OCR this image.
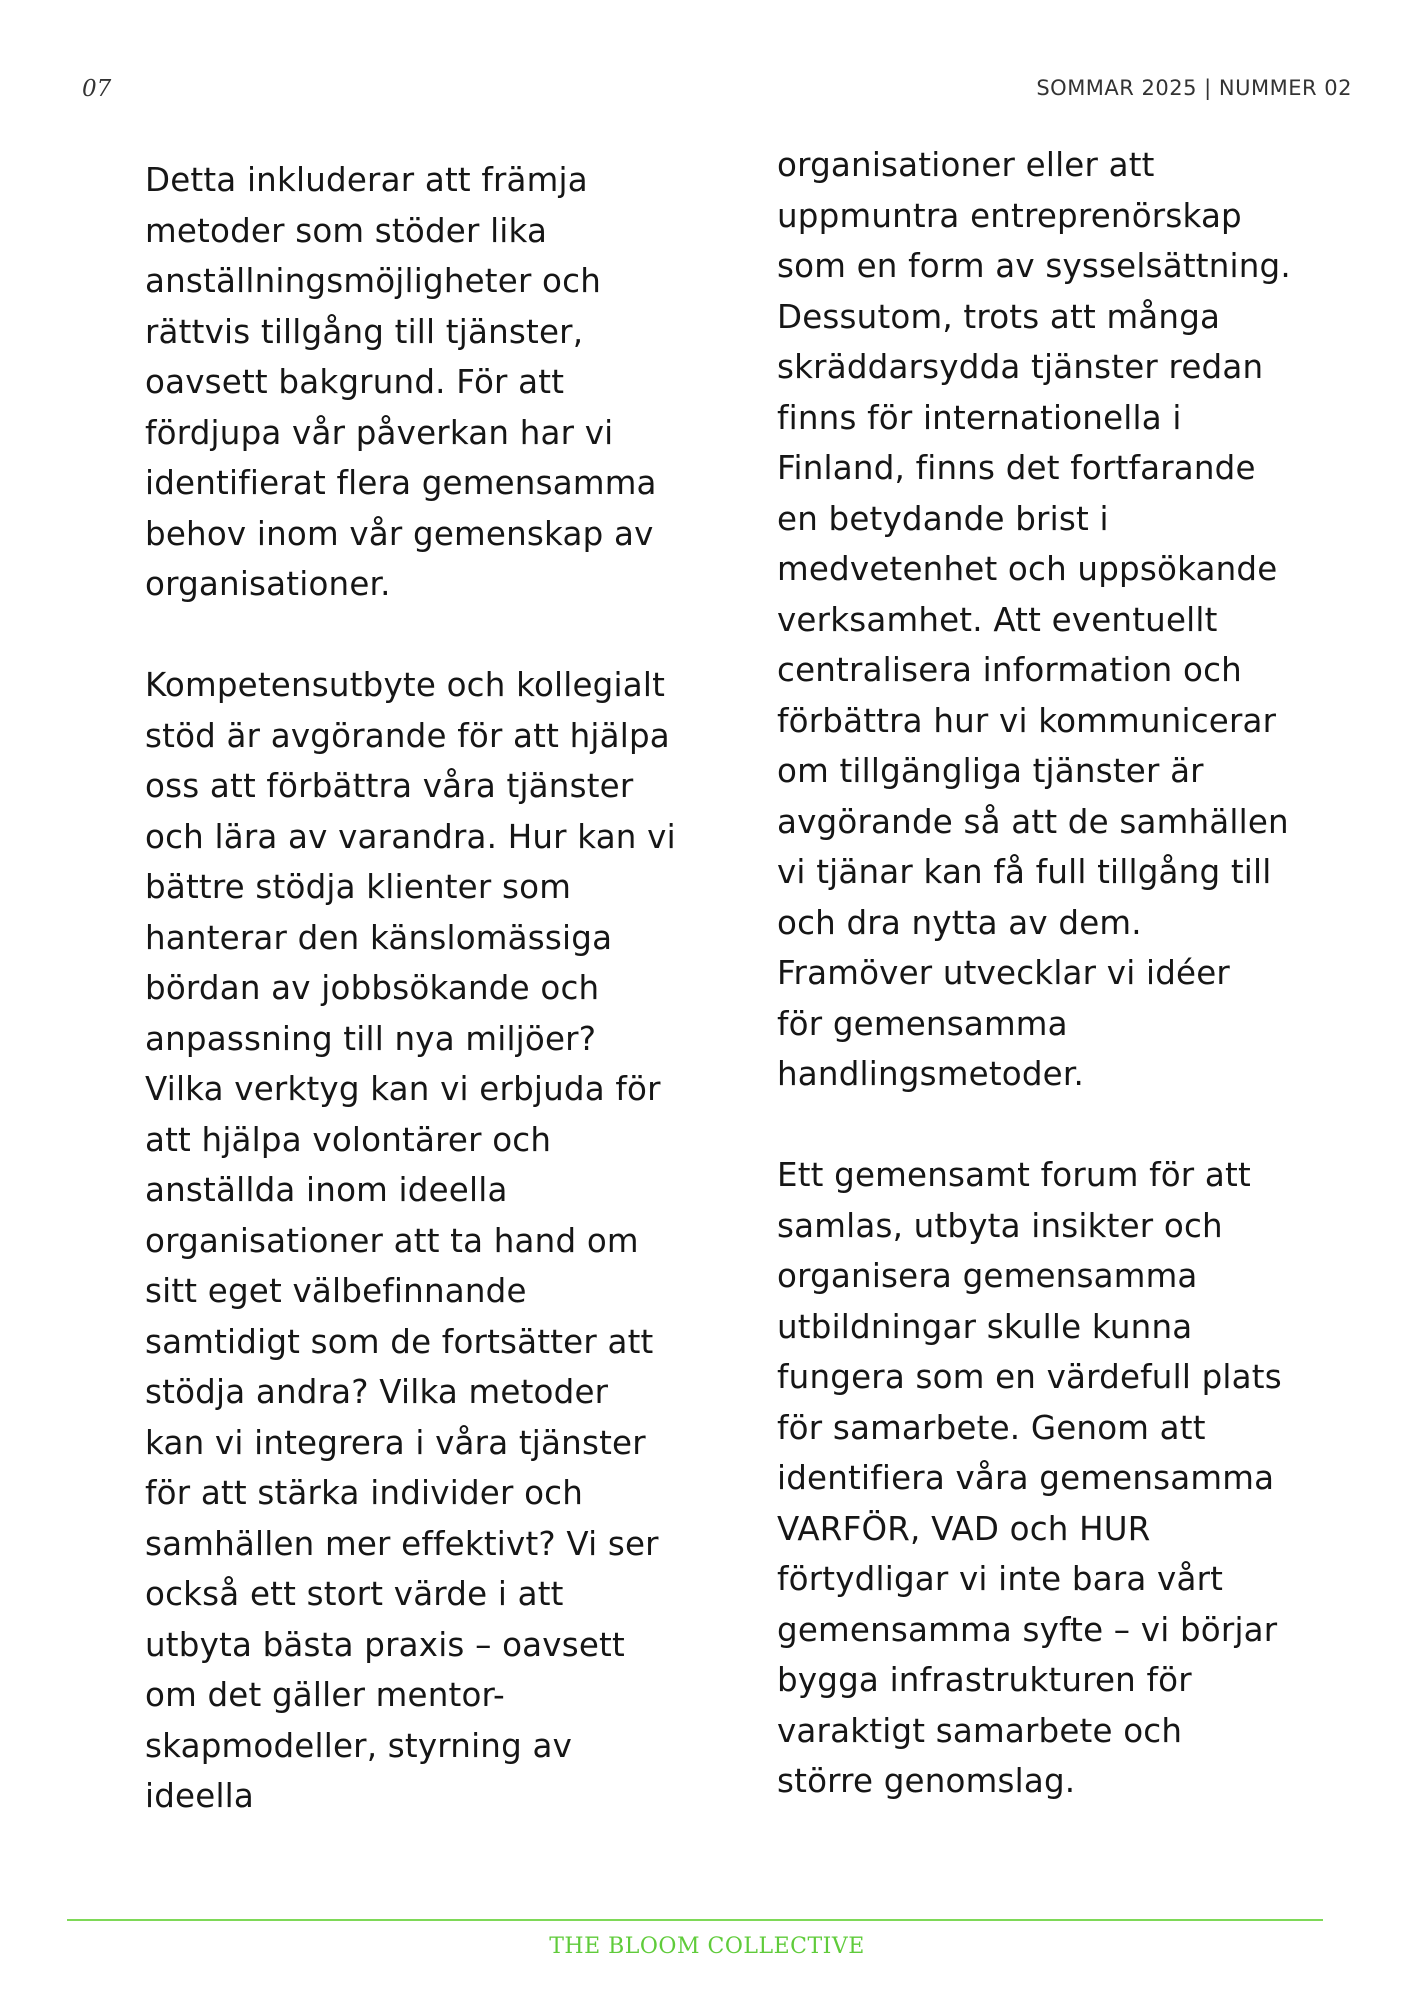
07	SOMMAR 2025 | NUMMER 02
Detta inkluderar att främja
metoder som stöder lika
anställningsmöjligheter och
rättvis tillgång till tjänster,
oavsett bakgrund. För att
fördjupa vår påverkan har vi
identifierat flera gemensamma
behov inom vår gemenskap av
organisationer.
Kompetensutbyte och kollegialt
stöd är avgörande för att hjälpa
oss att förbättra våra tjänster
och lära av varandra. Hur kan vi
bättre stödja klienter som
hanterar den känslomässiga
bördan av jobbsökande och
anpassning till nya miljöer?
Vilka verktyg kan vi erbjuda för
att hjälpa volontärer och
anställda inom ideella
organisationer att ta hand om
sitt eget välbefinnande
samtidigt som de fortsätter att
stödja andra? Vilka metoder
kan vi integrera i våra tjänster
för att stärka individer och
samhällen mer effektivt? Vi ser
också ett stort värde i att
utbyta bästa praxis – oavsett
om det gäller mentor-
skapmodeller, styrning av
ideella
organisationer eller att
uppmuntra entreprenörskap
som en form av sysselsättning.
Dessutom, trots att många
skräddarsydda tjänster redan
finns för internationella i
Finland, finns det fortfarande
en betydande brist i
medvetenhet och uppsökande
verksamhet. Att eventuellt
centralisera information och
förbättra hur vi kommunicerar
om tillgängliga tjänster är
avgörande så att de samhällen
vi tjänar kan få full tillgång till
och dra nytta av dem.
Framöver utvecklar vi idéer
för gemensamma
handlingsmetoder.
Ett gemensamt forum för att
samlas, utbyta insikter och
organisera gemensamma
utbildningar skulle kunna
fungera som en värdefull plats
för samarbete. Genom att
identifiera våra gemensamma
VARFÖR, VAD och HUR
förtydligar vi inte bara vårt
gemensamma syfte – vi börjar
bygga infrastrukturen för
varaktigt samarbete och
större genomslag.
THE BLOOM COLLECTIVE
